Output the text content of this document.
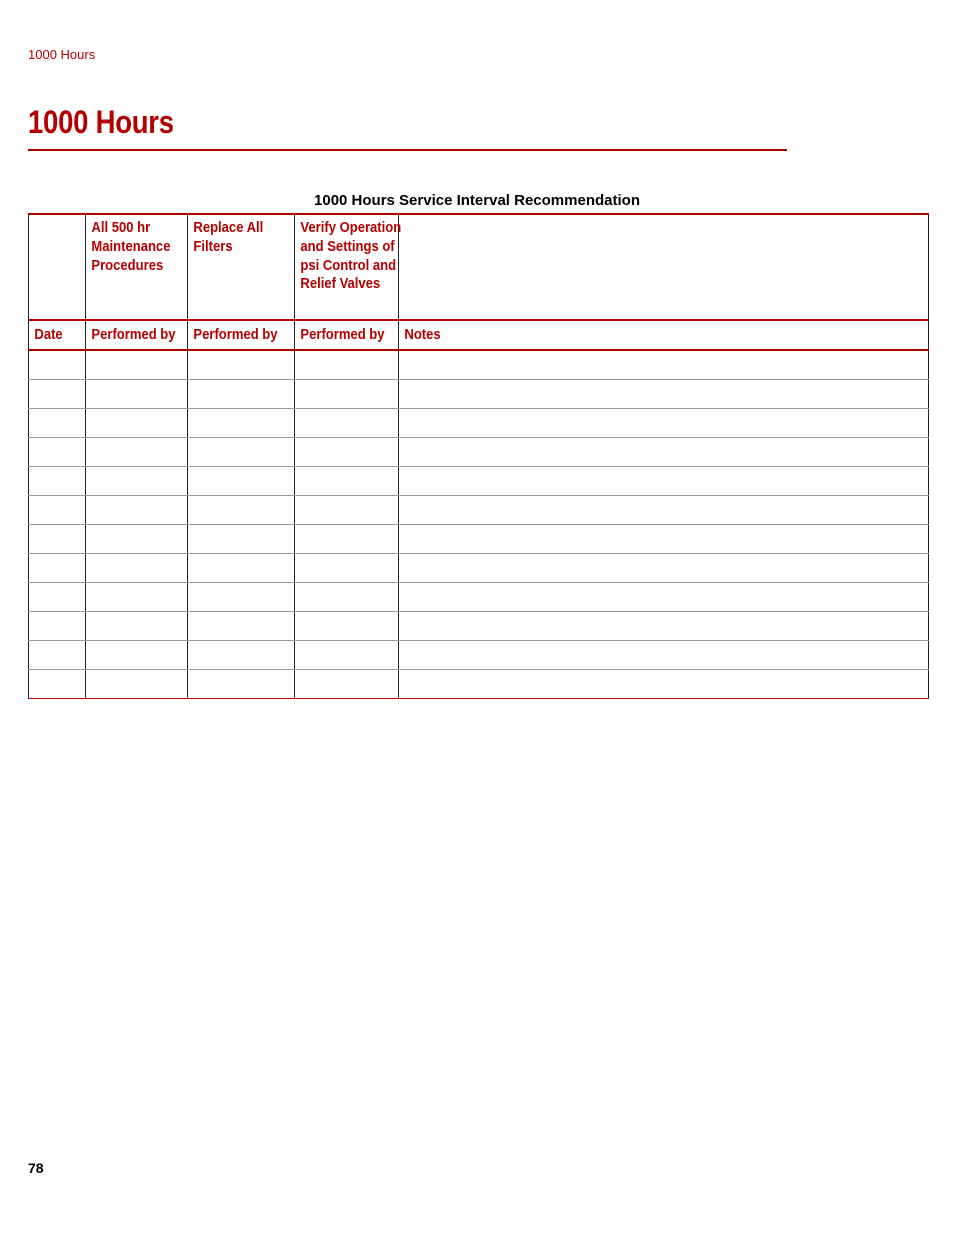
1000 Hours
1000 Hours
1000 Hours Service Interval Recommendation

	All 500 hr Maintenance Procedures	Replace All Filters	Verify Operation and Settings of psi Control and Relief Valves	

Date	Performed by	Performed by	Performed by	Notes

78
